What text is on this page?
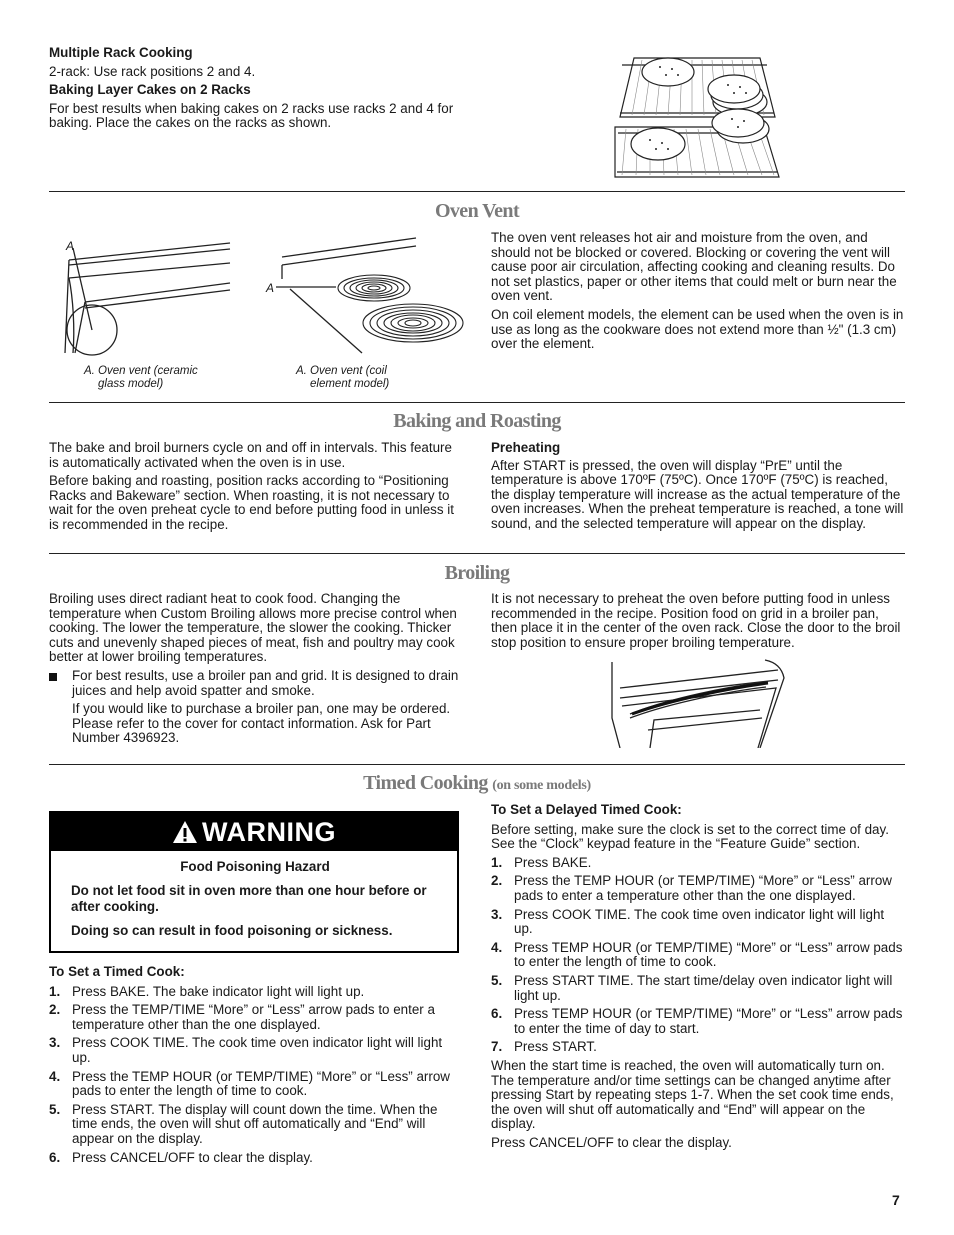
Multiple Rack Cooking

2-rack: Use rack positions 2 and 4.

Baking Layer Cakes on 2 Racks

For best results when baking cakes on 2 racks use racks 2 and 4 for baking. Place the cakes on the racks as shown.

Oven Vent
A
A. Oven vent (ceramic
glass model)
A
A. Oven vent (coil
element model)

The oven vent releases hot air and moisture from the oven, and should not be blocked or covered. Blocking or covering the vent will cause poor air circulation, affecting cooking and cleaning results. Do not set plastics, paper or other items that could melt or burn near the oven vent.

On coil element models, the element can be used when the oven is in use as long as the cookware does not extend more than ½" (1.3 cm) over the element.

Baking and Roasting

The bake and broil burners cycle on and off in intervals. This feature is automatically activated when the oven is in use.

Before baking and roasting, position racks according to “Positioning Racks and Bakeware” section. When roasting, it is not necessary to wait for the oven preheat cycle to end before putting food in unless it is recommended in the recipe.

Preheating

After START is pressed, the oven will display “PrE” until the temperature is above 170ºF (75ºC). Once 170ºF (75ºC) is reached, the display temperature will increase as the actual temperature of the oven increases. When the preheat temperature is reached, a tone will sound, and the selected temperature will appear on the display.

Broiling

Broiling uses direct radiant heat to cook food. Changing the temperature when Custom Broiling allows more precise control when cooking. The lower the temperature, the slower the cooking. Thicker cuts and unevenly shaped pieces of meat, fish and poultry may cook better at lower broiling temperatures.

For best results, use a broiler pan and grid. It is designed to drain juices and help avoid spatter and smoke.

If you would like to purchase a broiler pan, one may be ordered. Please refer to the cover for contact information. Ask for Part Number 4396923.

It is not necessary to preheat the oven before putting food in unless recommended in the recipe. Position food on grid in a broiler pan, then place it in the center of the oven rack. Close the door to the broil stop position to ensure proper broiling temperature.

Timed Cooking (on some models)
WARNING
Food Poisoning Hazard
Do not let food sit in oven more than one hour before or after cooking.
Doing so can result in food poisoning or sickness.

To Set a Timed Cook:

1. Press BAKE. The bake indicator light will light up.
2. Press the TEMP/TIME “More” or “Less” arrow pads to enter a temperature other than the one displayed.
3. Press COOK TIME. The cook time oven indicator light will light up.
4. Press the TEMP HOUR (or TEMP/TIME) “More” or “Less” arrow pads to enter the length of time to cook.
5. Press START. The display will count down the time. When the time ends, the oven will shut off automatically and “End” will appear on the display.
6. Press CANCEL/OFF to clear the display.

To Set a Delayed Timed Cook:

Before setting, make sure the clock is set to the correct time of day. See the “Clock” keypad feature in the “Feature Guide” section.

1. Press BAKE.
2. Press the TEMP HOUR (or TEMP/TIME) “More” or “Less” arrow pads to enter a temperature other than the one displayed.
3. Press COOK TIME. The cook time oven indicator light will light up.
4. Press TEMP HOUR (or TEMP/TIME) “More” or “Less” arrow pads to enter the length of time to cook.
5. Press START TIME. The start time/delay oven indicator light will light up.
6. Press TEMP HOUR (or TEMP/TIME) “More” or “Less” arrow pads to enter the time of day to start.
7. Press START.

When the start time is reached, the oven will automatically turn on. The temperature and/or time settings can be changed anytime after pressing Start by repeating steps 1-7. When the set cook time ends, the oven will shut off automatically and “End” will appear on the display.

Press CANCEL/OFF to clear the display.

7
